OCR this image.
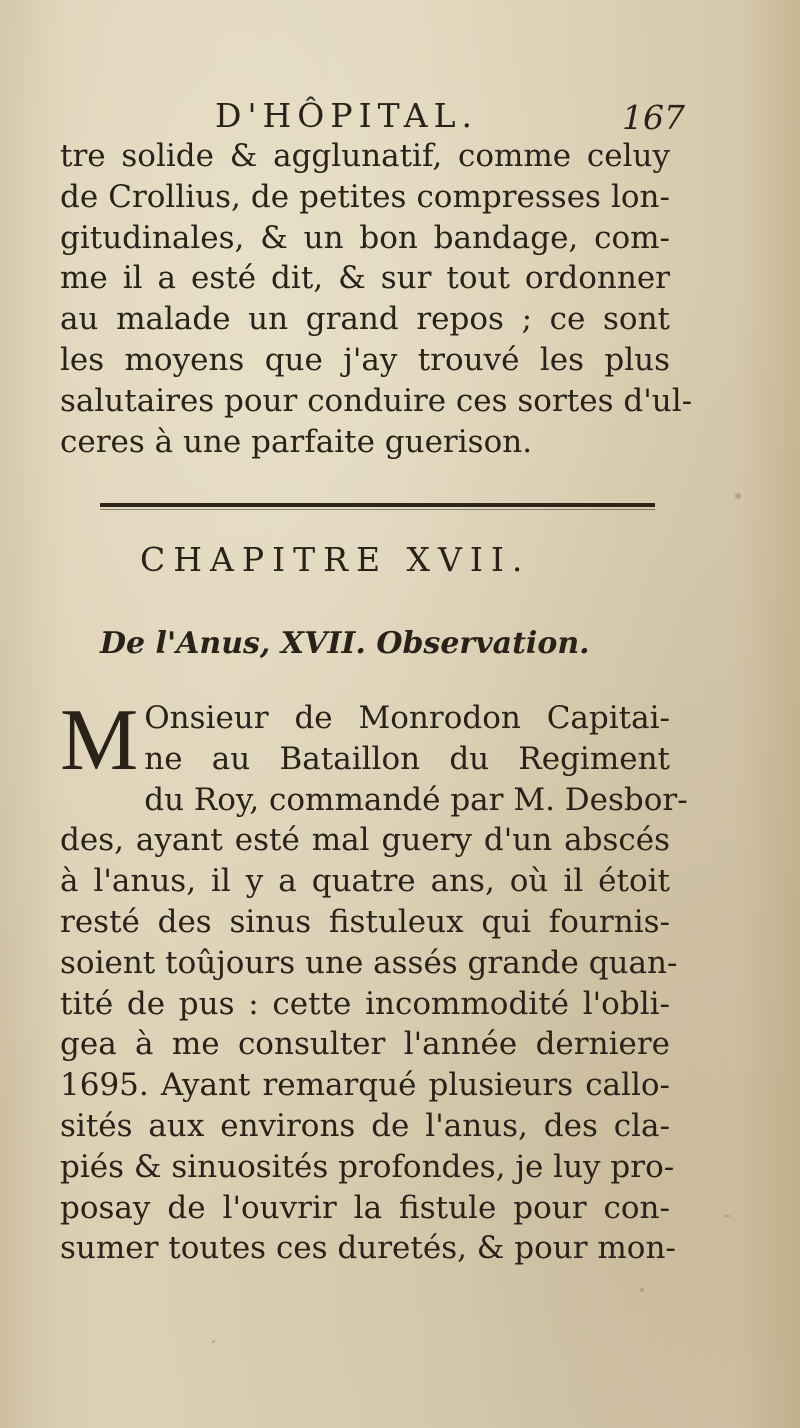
D'HÔPITAL.	167
tre solide & agglunatif, comme celuy
de Crollius, de petites compresses lon-
gitudinales, & un bon bandage, com-
me il a esté dit, & sur tout ordonner
au malade un grand repos ; ce sont
les moyens que j'ay trouvé les plus
salutaires pour conduire ces sortes d'ul-
ceres à une parfaite guerison.
CHAPITRE XVII.
De l'Anus, XVII. Observation.
M Onsieur de Monrodon Capitai-
ne au Bataillon du Regiment
du Roy, commandé par M. Desbor-
des, ayant esté mal guery d'un abscés
à l'anus, il y a quatre ans, où il étoit
resté des sinus fistuleux qui fournis-
soient toûjours une assés grande quan-
tité de pus : cette incommodité l'obli-
gea à me consulter l'année derniere
1695. Ayant remarqué plusieurs callo-
sités aux environs de l'anus, des cla-
piés & sinuosités profondes, je luy pro-
posay de l'ouvrir la fistule pour con-
sumer toutes ces duretés, & pour mon-
